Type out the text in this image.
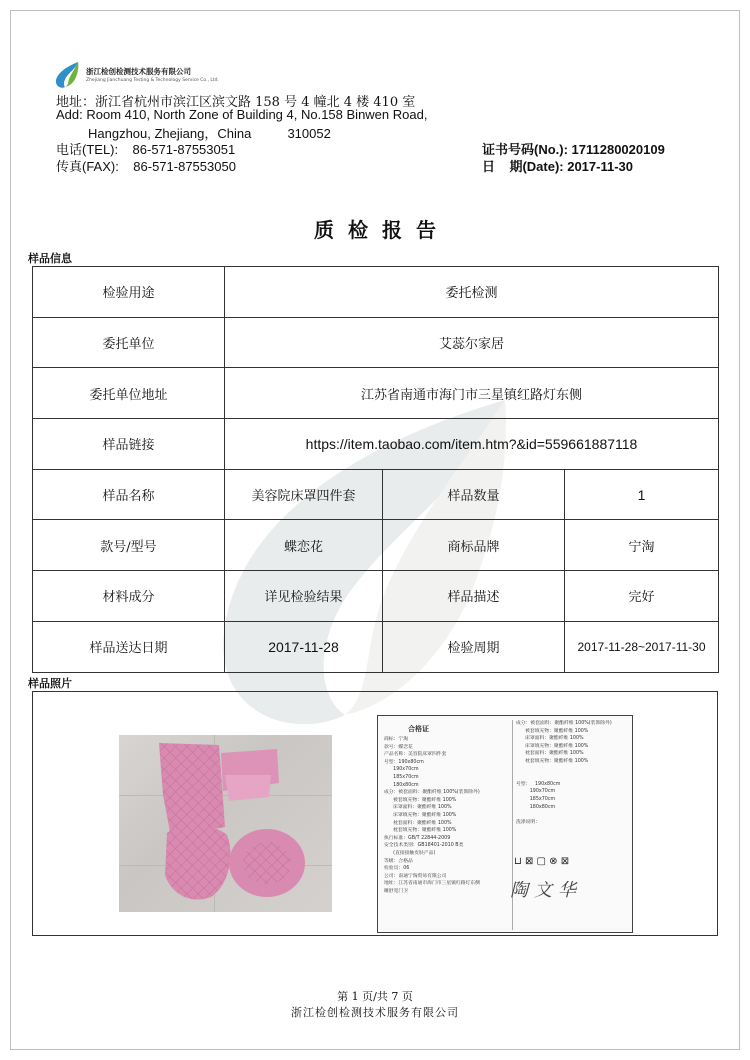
浙江检创检测技术服务有限公司
Zhejiang Jianchuang Testing & Technology Service Co., Ltd.
地址：浙江省杭州市滨江区滨文路 158 号 4 幢北 4 楼 410 室
Add: Room 410, North Zone of Building 4, No.158 Binwen Road,
Hangzhou, Zhejiang，China          310052
电话(TEL):    86-571-87553051
传真(FAX):    86-571-87553050
证书号码(No.): 1711280020109
日    期(Date): 2017-11-30
质检报告
样品信息
检验用途	委托检测		
委托单位	艾蕊尔家居		
委托单位地址	江苏省南通市海门市三星镇红路灯东侧		
样品链接	https://item.taobao.com/item.htm?&id=559661887118		
样品名称	美容院床罩四件套	样品数量	1
款号/型号	蝶恋花	商标品牌	宁淘
材料成分	详见检验结果	样品描述	完好
样品送达日期	2017-11-28	检验周期	2017-11-28~2017-11-30
样品照片
合格证
商标：宁淘
款号：蝶恋花
产品名称：美容院床罩四件套
号型：190x80cm
190x70cm
185x70cm
180x80cm
成分：被套面料：聚酯纤维 100%(装饰除外)
被套填充物：聚酯纤维 100%
床罩面料：聚酯纤维 100%
床罩填充物：聚酯纤维 100%
枕套面料：聚酯纤维 100%
枕套填充物：聚酯纤维 100%
执行标准：GB/T 22844-2009
安全技术类别：GB18401-2010 B类
(直接接触皮肤产品)
等级：合格品
检验员：06
公司：南通宁淘贸易有限公司
地址：江苏省南通市海门市三星镇红路灯东侧
睡舒宽门卫
成分：被套面料：聚酯纤维 100%(装饰除外)
被套填充物：聚酯纤维 100%
床罩面料：聚酯纤维 100%
床罩填充物：聚酯纤维 100%
枕套面料：聚酯纤维 100%
枕套填充物：聚酯纤维 100%
号型：   190x80cm
190x70cm
185x70cm
180x80cm
洗涤说明：
⊔ ⊠ ▢ ⊗ ⊠
陶文华
第 1 页/共 7 页
浙江检创检测技术服务有限公司
